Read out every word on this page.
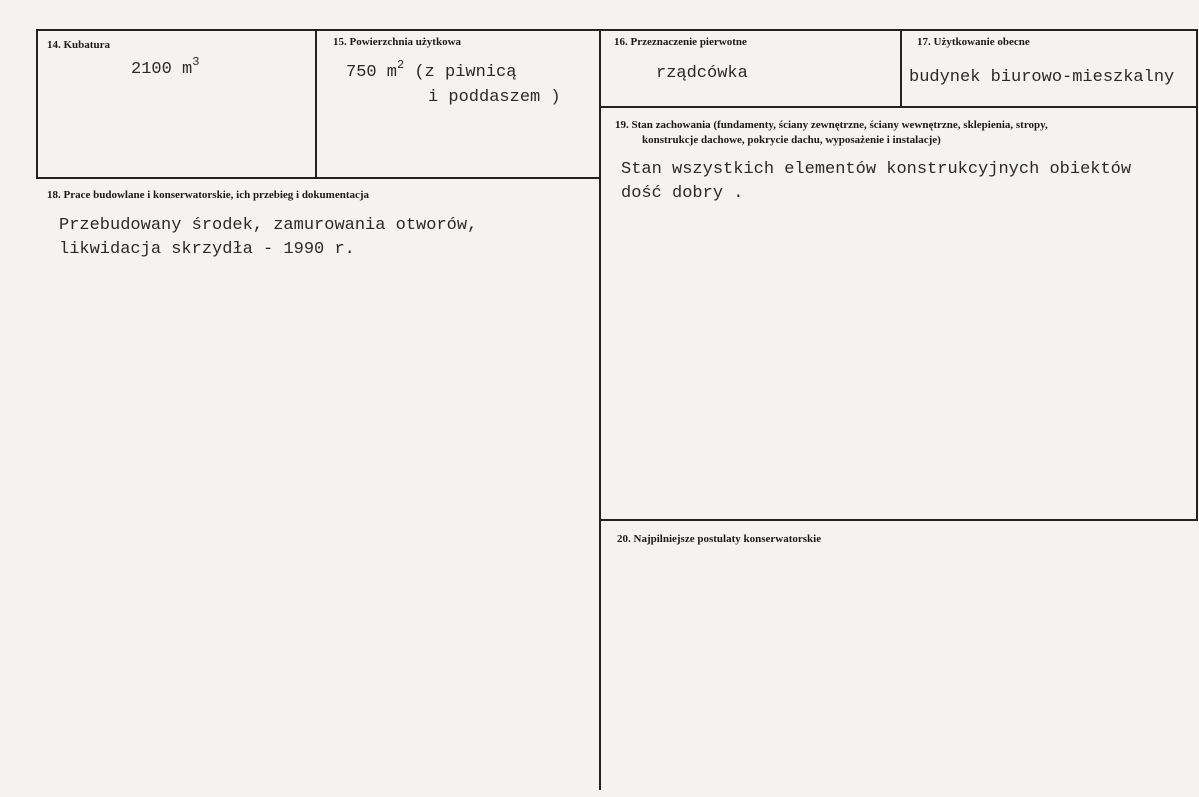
14. Kubatura
2100 $m^3$
15. Powierzchnia użytkowa
750 $m^2$ (z piwnicą
i poddaszem )
16. Przeznaczenie pierwotne
rządcówka
17. Użytkowanie obecne
budynek biurowo-mieszkalny
19. Stan zachowania (fundamenty, ściany zewnętrzne, ściany wewnętrzne, sklepienia, stropy,
konstrukcje dachowe, pokrycie dachu, wyposażenie i instalacje)
Stan wszystkich elementów konstrukcyjnych obiektów
dość dobry .
18. Prace budowlane i konserwatorskie, ich przebieg i dokumentacja
Przebudowany środek, zamurowania otworów,
likwidacja skrzydła - 1990 r.
20. Najpilniejsze postulaty konserwatorskie
